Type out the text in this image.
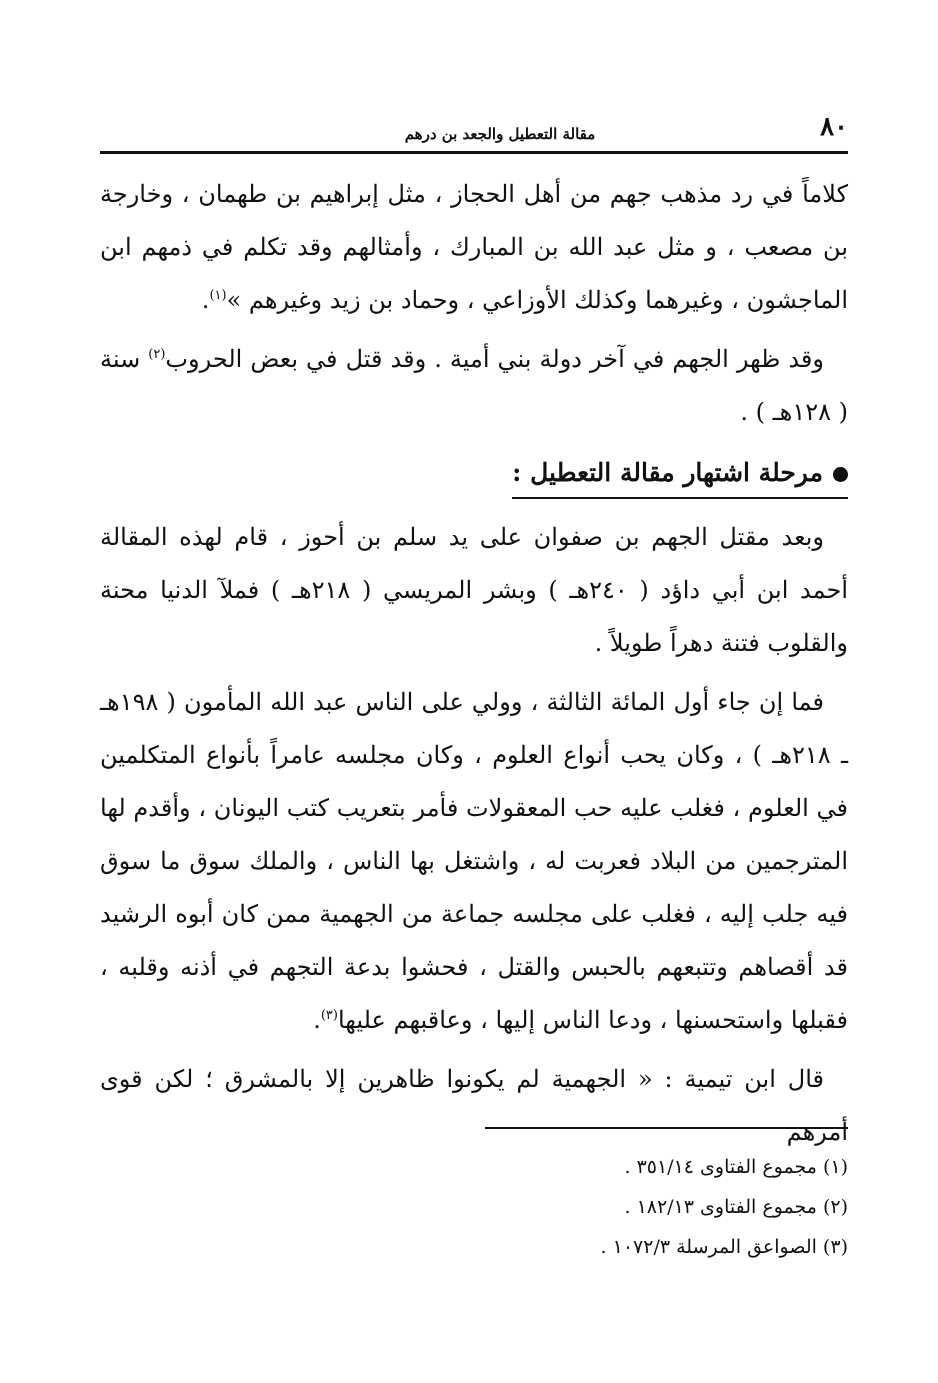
٨٠
مقالة التعطيل والجعد بن درهم

كلاماً في رد مذهب جهم من أهل الحجاز ، مثل إبراهيم بن طهمان ، وخارجة بن مصعب ، و مثل عبد الله بن المبارك ، وأمثالهم وقد تكلم في ذمهم ابن الماجشون ، وغيرهما وكذلك الأوزاعي ، وحماد بن زيد وغيرهم »$^{(١)}$.

وقد ظهر الجهم في آخر دولة بني أمية . وقد قتل في بعض الحروب$^{(٢)}$ سنة ( ١٢٨هـ ) .

مرحلة اشتهار مقالة التعطيل :

وبعد مقتل الجهم بن صفوان على يد سلم بن أحوز ، قام لهذه المقالة أحمد ابن أبي داؤد ( ٢٤٠هـ ) وبشر المريسي ( ٢١٨هـ ) فملآ الدنيا محنة والقلوب فتنة دهراً طويلاً .

فما إن جاء أول المائة الثالثة ، وولي على الناس عبد الله المأمون ( ١٩٨هـ ـ ٢١٨هـ ) ، وكان يحب أنواع العلوم ، وكان مجلسه عامراً بأنواع المتكلمين في العلوم ، فغلب عليه حب المعقولات فأمر بتعريب كتب اليونان ، وأقدم لها المترجمين من البلاد فعربت له ، واشتغل بها الناس ، والملك سوق ما سوق فيه جلب إليه ، فغلب على مجلسه جماعة من الجهمية ممن كان أبوه الرشيد قد أقصاهم وتتبعهم بالحبس والقتل ، فحشوا بدعة التجهم في أذنه وقلبه ، فقبلها واستحسنها ، ودعا الناس إليها ، وعاقبهم عليها$^{(٣)}$.

قال ابن تيمية : « الجهمية لم يكونوا ظاهرين إلا بالمشرق ؛ لكن قوى أمرهم

(١) مجموع الفتاوى ٣٥١/١٤ .

(٢) مجموع الفتاوى ١٨٢/١٣ .

(٣) الصواعق المرسلة ١٠٧٢/٣ .
